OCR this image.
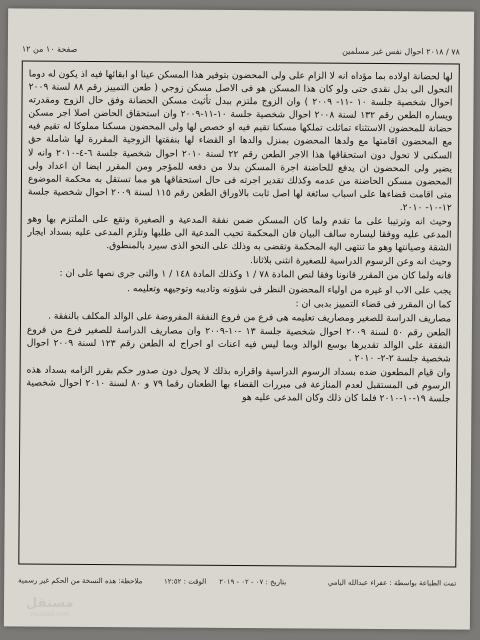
صفحة ١٠ من ١٢	٧٨ / ٢٠١٨ احوال نفس غير مسلمين

لها لحضانة اولاده بما مؤداه انه لا الزام على ولى المحضون بتوفير هذا المسكن عينا او ابقائها فيه اذ يكون له دوما التحول الى بدل نقدى حتى ولو كان هذا المسكن هو فى الاصل مسكن زوجي ( طعن التمييز رقم ٨٨ لسنة ٢٠٠٩ احوال شخصية جلسة ١٠ -١١- ٢٠٠٩ ) وان الزوج ملتزم ببدل تأثيث مسكن الحضانة وفق حال الزوج ومقدرته ويساره الطعن رقم ١٣٢ لسنة ٢٠٠٨ احوال شخصية جلسة ١٠-١١-٢٠٠٩ وان استحقاق الحاضن اصلا اجر مسكن حضانة للمحضون الاستثناء تماثلت تملكها مسكنا تقيم فيه او خصص لها ولى المحضون مسكنا مملوكا له تقيم فيه مع المحضون اقامتها مع ولدها المحضون بمنزل والدها او القضاء لها بنفقتها الزوجية المقررة لها شاملة حق السكنى لا تحول دون استحقاقها هذا الاجر الطعن رقم ٢٢ لسنة ٢٠١٠ احوال شخصية جلسة ٦-٤-٢٠١٠ وانه لا يضير ولى المحضون ان يدفع للحاضنة اجرة المسكن بدلا من دفعه للمؤجر ومن المقرر ايضا ان اعداد ولى المحضون مسكن الحاضنة من عدمه وكذلك تقدير اجرته فى حال استحقاقها هو مما تستقل به محكمة الموضوع متى اقامت قضاءها على اسباب سائغة لها اصل ثابت بالاوراق الطعن رقم ١١٥ لسنة ٢٠٠٩ احوال شخصية جلسة ١٢-١٠- ٢٠١٠.

وحيث انه وترتيبا على ما تقدم ولما كان المسكن ضمن نفقة المدعية و الصغيرة وتقع على الملتزم بها وهو المدعى عليه ووفقا ليساره سالف البيان فان المحكمة تجيب المدعية الى طلبها وتلزم المدعى عليه بسداد ايجار الشقة وصيانتها وهو ما تنتهى اليه المحكمة وتقضى به وذلك على النحو الذى سيرد بالمنطوق.

وحيث انه وعن الرسوم الدراسية للصغيرة انثنى بلاثانا.

فانه ولما كان من المقرر قانونا وفقا لنص المادة ٧٨ / ١ وكذلك المادة ١٤٨ / ١ والتى جرى نصها على ان :

يجب على الاب او غيره من اولياء المحضون النظر فى شؤونه وتاديبه وتوجيهه وتعليمه .

كما ان المقرر فى قضاء التمييز بدبى ان :

مصاريف الدراسة للصغير ومصاريف تعليمه هى فرع من فروع النفقة المفروضة على الوالد المكلف بالنفقة .

الطعن رقم ٥٠ لسنة ٢٠٠٩ احوال شخصية جلسة ١٣ -١٠-٢٠٠٩ وان مصاريف الدراسة للصغير فرع من فروع النفقة على الوالد تقديرها بوسع الوالد وبما ليس فيه اعنات او احراج له الطعن رقم ١٢٣ لسنة ٢٠٠٩ احوال شخصية جلسة ٢-٢- ٢٠١٠ .

وان قيام المطعون ضده بسداد الرسوم الدراسية واقراره بذلك لا يحول دون صدور حكم بقرر الزامه بسداد هذه الرسوم فى المستقبل لعدم المنازعة فى مبررات القضاء بها الطعنان رقما ٧٩ و ٨٠ لسنة ٢٠١٠ احوال شخصية جلسة ١٩-١٠-٢٠١٠ فلما كان ذلك وكان المدعى عليه هو

تمت الطباعة بواسطة : عفراء عبدالله اليامي
بتاريخ : ٠٧ - ٠٢ - ٢٠١٩
الوقت : ١٢:٥٢
ملاحظة: هذه النسخة من الحكم غير رسمية
مستقل
mostaql.com
